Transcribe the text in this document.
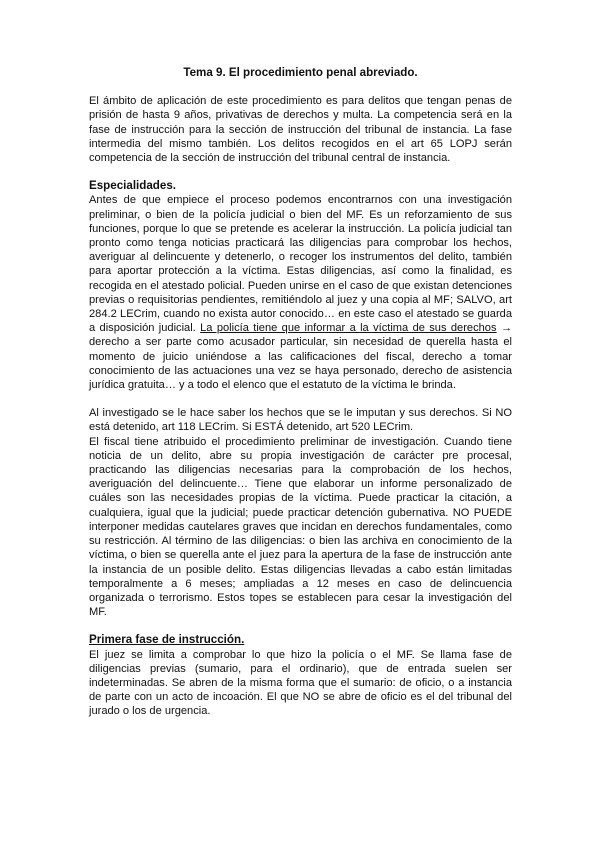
Tema 9. El procedimiento penal abreviado.

El ámbito de aplicación de este procedimiento es para delitos que tengan penas de prisión de hasta 9 años, privativas de derechos y multa. La competencia será en la fase de instrucción para la sección de instrucción del tribunal de instancia. La fase intermedia del mismo también. Los delitos recogidos en el art 65 LOPJ serán competencia de la sección de instrucción del tribunal central de instancia.

Especialidades.

Antes de que empiece el proceso podemos encontrarnos con una investigación preliminar, o bien de la policía judicial o bien del MF. Es un reforzamiento de sus funciones, porque lo que se pretende es acelerar la instrucción. La policía judicial tan pronto como tenga noticias practicará las diligencias para comprobar los hechos, averiguar al delincuente y detenerlo, o recoger los instrumentos del delito, también para aportar protección a la víctima. Estas diligencias, así como la finalidad, es recogida en el atestado policial. Pueden unirse en el caso de que existan detenciones previas o requisitorias pendientes, remitiéndolo al juez y una copia al MF; SALVO, art 284.2 LECrim, cuando no exista autor conocido… en este caso el atestado se guarda a disposición judicial. La policía tiene que informar a la víctima de sus derechos → derecho a ser parte como acusador particular, sin necesidad de querella hasta el momento de juicio uniéndose a las calificaciones del fiscal, derecho a tomar conocimiento de las actuaciones una vez se haya personado, derecho de asistencia jurídica gratuita… y a todo el elenco que el estatuto de la víctima le brinda.

Al investigado se le hace saber los hechos que se le imputan y sus derechos. Si NO está detenido, art 118 LECrim. Si ESTÁ detenido, art 520 LECrim.

El fiscal tiene atribuido el procedimiento preliminar de investigación. Cuando tiene noticia de un delito, abre su propia investigación de carácter pre procesal, practicando las diligencias necesarias para la comprobación de los hechos, averiguación del delincuente… Tiene que elaborar un informe personalizado de cuáles son las necesidades propias de la víctima. Puede practicar la citación, a cualquiera, igual que la judicial; puede practicar detención gubernativa. NO PUEDE interponer medidas cautelares graves que incidan en derechos fundamentales, como su restricción. Al término de las diligencias: o bien las archiva en conocimiento de la víctima, o bien se querella ante el juez para la apertura de la fase de instrucción ante la instancia de un posible delito. Estas diligencias llevadas a cabo están limitadas temporalmente a 6 meses; ampliadas a 12 meses en caso de delincuencia organizada o terrorismo. Estos topes se establecen para cesar la investigación del MF.

Primera fase de instrucción.

El juez se limita a comprobar lo que hizo la policía o el MF. Se llama fase de diligencias previas (sumario, para el ordinario), que de entrada suelen ser indeterminadas. Se abren de la misma forma que el sumario: de oficio, o a instancia de parte con un acto de incoación. El que NO se abre de oficio es el del tribunal del jurado o los de urgencia.
